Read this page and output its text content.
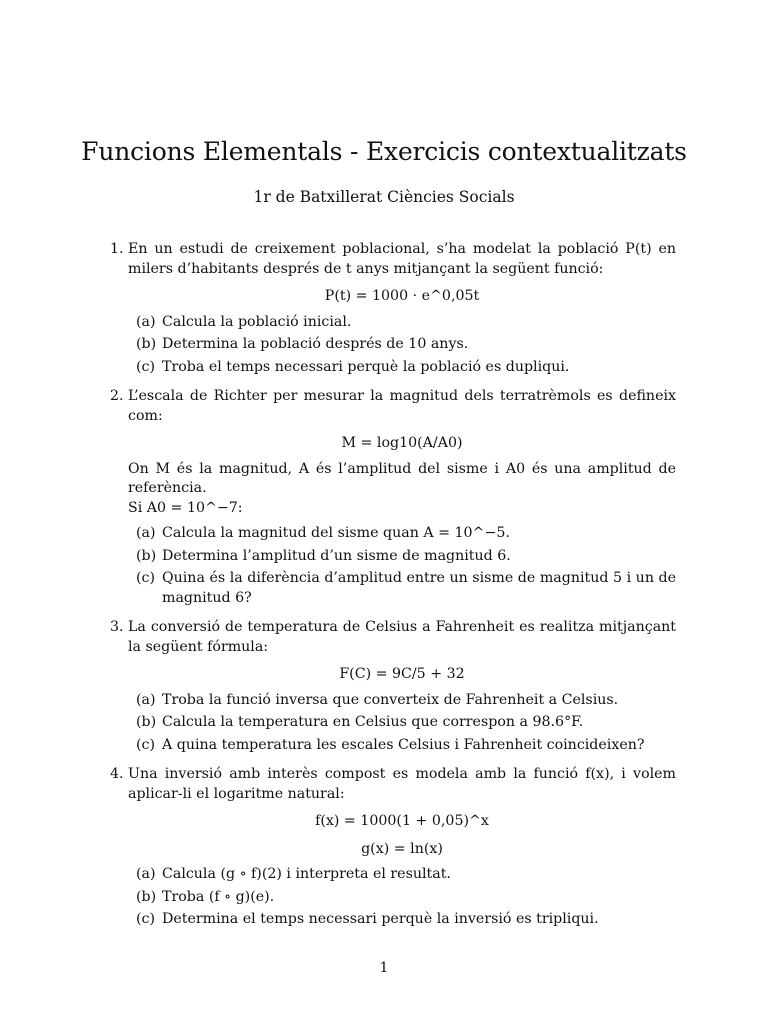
Funcions Elementals - Exercicis contextualitzats
1r de Batxillerat Ciències Socials
1. En un estudi de creixement poblacional, s’ha modelat la població P(t) en milers d’habitants després de t anys mitjançant la següent funció:
P(t) = 1000 · e^0,05t
(a) Calcula la població inicial.
(b) Determina la població després de 10 anys.
(c) Troba el temps necessari perquè la població es dupliqui.
2. L’escala de Richter per mesurar la magnitud dels terratrèmols es defineix com:
M = log10(A/A0)
On M és la magnitud, A és l’amplitud del sisme i A0 és una amplitud de referència.
Si A0 = 10^−7:
(a) Calcula la magnitud del sisme quan A = 10^−5.
(b) Determina l’amplitud d’un sisme de magnitud 6.
(c) Quina és la diferència d’amplitud entre un sisme de magnitud 5 i un de magnitud 6?
3. La conversió de temperatura de Celsius a Fahrenheit es realitza mitjançant la següent fórmula:
F(C) = 9C/5 + 32
(a) Troba la funció inversa que converteix de Fahrenheit a Celsius.
(b) Calcula la temperatura en Celsius que correspon a 98.6°F.
(c) A quina temperatura les escales Celsius i Fahrenheit coincideixen?
4. Una inversió amb interès compost es modela amb la funció f(x), i volem aplicar-li el logaritme natural:
f(x) = 1000(1 + 0,05)^x
g(x) = ln(x)
(a) Calcula (g ∘ f)(2) i interpreta el resultat.
(b) Troba (f ∘ g)(e).
(c) Determina el temps necessari perquè la inversió es tripliqui.
1
